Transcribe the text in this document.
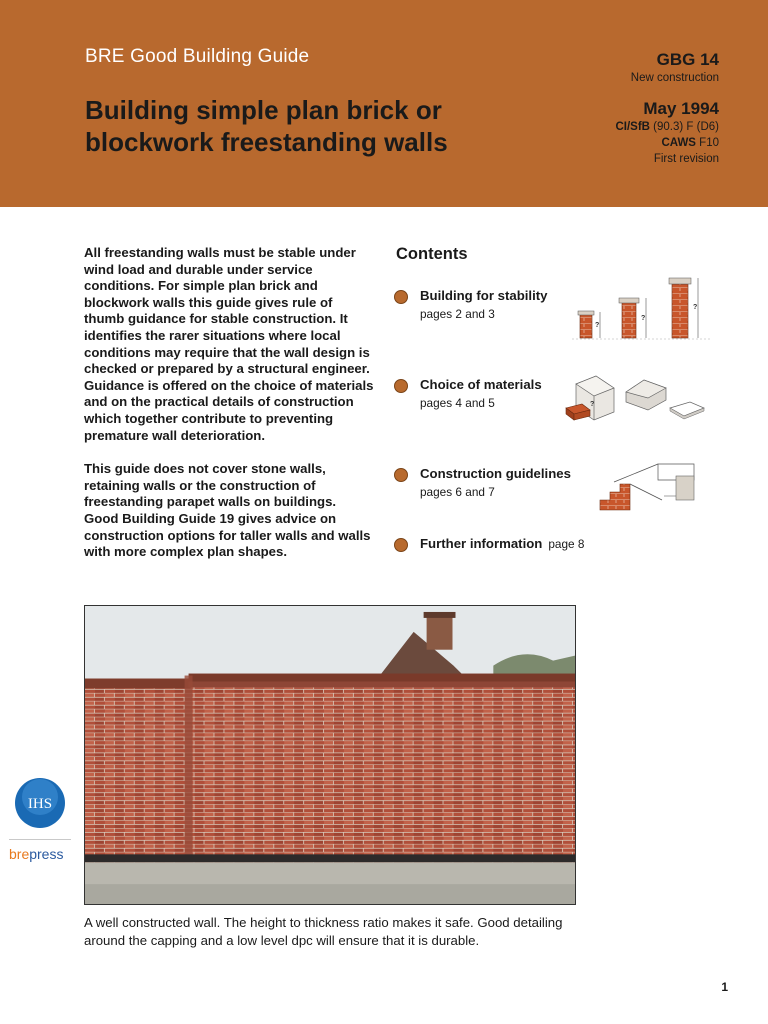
BRE Good Building Guide
Building simple plan brick or blockwork freestanding walls
GBG 14
New construction
May 1994
CI/SfB (90.3) F (D6)
CAWS F10
First revision

All freestanding walls must be stable under wind load and durable under service conditions. For simple plan brick and blockwork walls this guide gives rule of thumb guidance for stable construction. It identifies the rarer situations where local conditions may require that the wall design is checked or prepared by a structural engineer. Guidance is offered on the choice of materials and on the practical details of construction which together contribute to preventing premature wall deterioration.

This guide does not cover stone walls, retaining walls or the construction of freestanding parapet walls on buildings. Good Building Guide 19 gives advice on construction options for taller walls and walls with more complex plan shapes.

Contents
Building for stability
pages 2 and 3
Choice of materials
pages 4 and 5
Construction guidelines
pages 6 and 7
Further information page 8
?
?
?
?
A well constructed wall. The height to thickness ratio makes it safe. Good detailing around the capping and a low level dpc will ensure that it is durable.
IHS
brepress
1
